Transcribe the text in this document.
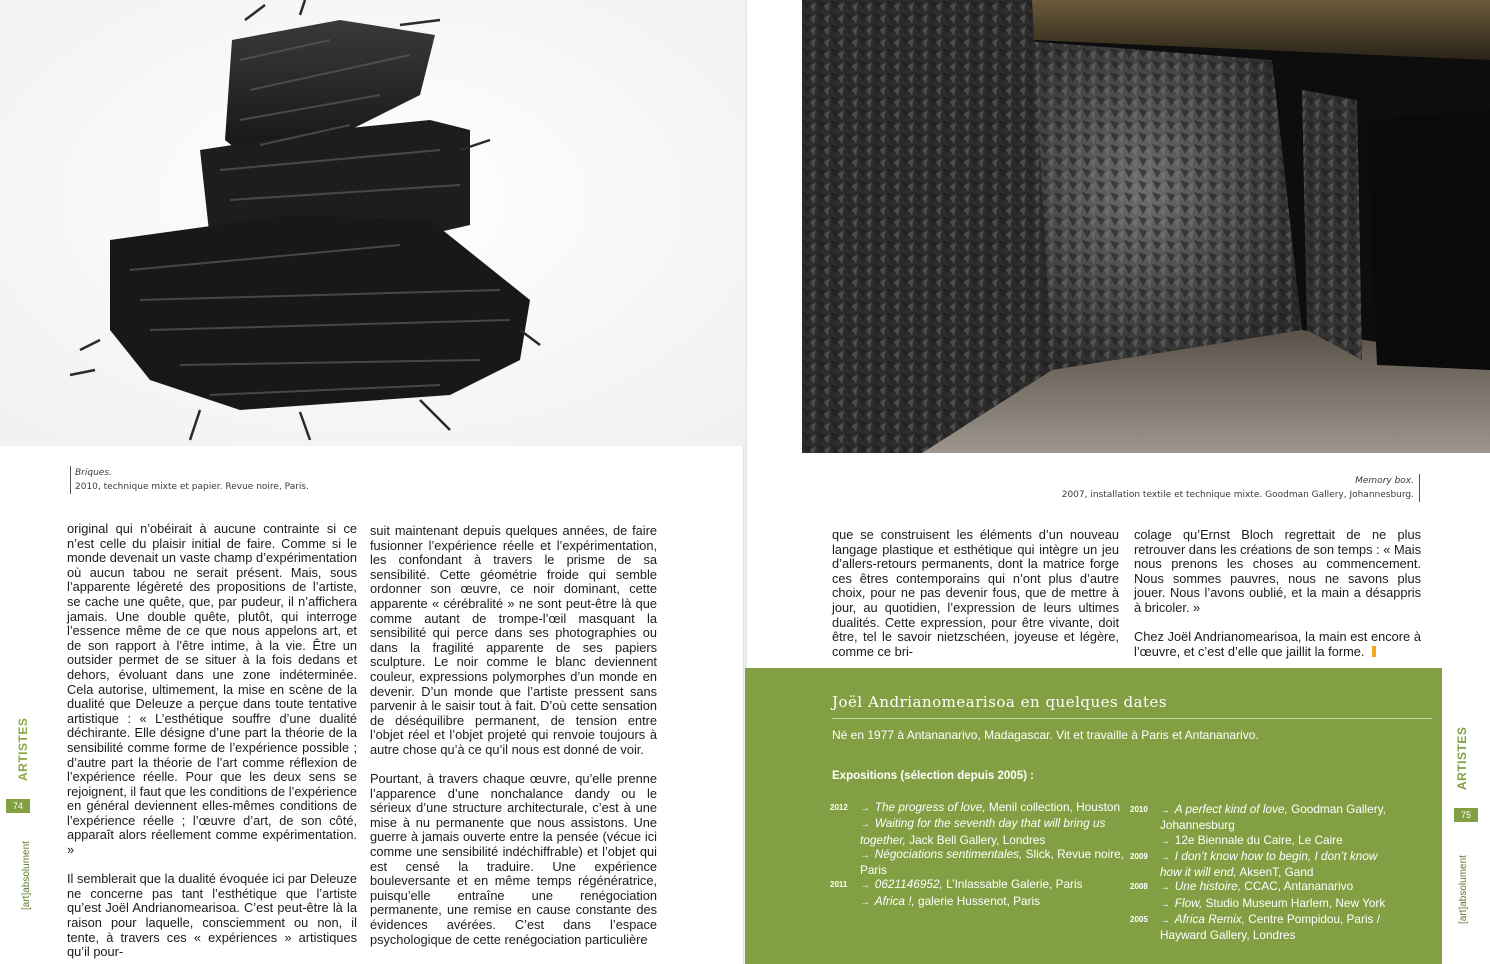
Briques.
2010, technique mixte et papier. Revue noire, Paris.
Memory box.
2007, installation textile et technique mixte. Goodman Gallery, Johannesburg.
ARTISTES
74
[art]absolument

original qui n’obéirait à aucune contrainte si ce n’est celle du plaisir initial de faire. Comme si le monde devenait un vaste champ d’expérimentation où aucun tabou ne serait présent. Mais, sous l’apparente légèreté des propositions de l’artiste, se cache une quête, que, par pudeur, il n’affichera jamais. Une double quête, plutôt, qui interroge l’essence même de ce que nous appelons art, et de son rapport à l’être intime, à la vie. Être un outsider permet de se situer à la fois dedans et dehors, évoluant dans une zone indéterminée. Cela autorise, ultimement, la mise en scène de la dualité que Deleuze a perçue dans toute tentative artistique : « L’esthétique souffre d’une dualité déchirante. Elle désigne d’une part la théorie de la sensibilité comme forme de l’expérience possible ; d’autre part la théorie de l’art comme réflexion de l’expérience réelle. Pour que les deux sens se rejoignent, il faut que les conditions de l’expérience en général deviennent elles-mêmes conditions de l’expérience réelle ; l’œuvre d’art, de son côté, apparaît alors réellement comme expérimentation. »

Il semblerait que la dualité évoquée ici par Deleuze ne concerne pas tant l’esthétique que l’artiste qu’est Joël Andrianomearisoa. C’est peut-être là la raison pour laquelle, consciemment ou non, il tente, à travers ces « expériences » artistiques qu’il pour-

suit maintenant depuis quelques années, de faire fusionner l’expérience réelle et l’expérimentation, les confondant à travers le prisme de sa sensibilité. Cette géométrie froide qui semble ordonner son œuvre, ce noir dominant, cette apparente « cérébralité » ne sont peut-être là que comme autant de trompe-l’œil masquant la sensibilité qui perce dans ses photographies ou dans la fragilité apparente de ses papiers sculpture. Le noir comme le blanc deviennent couleur, expressions polymorphes d’un monde en devenir. D’un monde que l’artiste pressent sans parvenir à le saisir tout à fait. D’où cette sensation de déséquilibre permanent, de tension entre l’objet réel et l’objet projeté qui renvoie toujours à autre chose qu’à ce qu’il nous est donné de voir.

Pourtant, à travers chaque œuvre, qu’elle prenne l’apparence d’une nonchalance dandy ou le sérieux d’une structure architecturale, c’est à une mise à nu permanente que nous assistons. Une guerre à jamais ouverte entre la pensée (vécue ici comme une sensibilité indéchiffrable) et l’objet qui est censé la traduire. Une expérience bouleversante et en même temps régénératrice, puisqu’elle entraîne une renégociation permanente, une remise en cause constante des évidences avérées. C’est dans l’espace psychologique de cette renégociation particulière

que se construisent les éléments d’un nouveau langage plastique et esthétique qui intègre un jeu d’allers-retours permanents, dont la matrice forge ces êtres contemporains qui n’ont plus d’autre choix, pour ne pas devenir fous, que de mettre à jour, au quotidien, l’expression de leurs ultimes dualités. Cette expression, pour être vivante, doit être, tel le savoir nietzschéen, joyeuse et légère, comme ce bri-

colage qu’Ernst Bloch regrettait de ne plus retrouver dans les créations de son temps : « Mais nous prenons les choses au commencement. Nous sommes pauvres, nous ne savons plus jouer. Nous l’avons oublié, et la main a désappris à bricoler. »

Chez Joël Andrianomearisoa, la main est encore à l’œuvre, et c’est d’elle que jaillit la forme.

Joël Andrianomearisoa en quelques dates
Né en 1977 à Antananarivo, Madagascar. Vit et travaille à Paris et Antananarivo.
Expositions (sélection depuis 2005) :
2012 → The progress of love, Menil collection, Houston
→ Waiting for the seventh day that will bring us together, Jack Bell Gallery, Londres
→ Négociations sentimentales, Slick, Revue noire, Paris
2011 → 0621146952, L’Inlassable Galerie, Paris
→ Africa !, galerie Hussenot, Paris
2010 → A perfect kind of love, Goodman Gallery, Johannesburg
→ 12e Biennale du Caire, Le Caire
2009 → I don’t know how to begin, I don’t know how it will end, AksenT, Gand
2008 → Une histoire, CCAC, Antananarivo
→ Flow, Studio Museum Harlem, New York
2005 → Africa Remix, Centre Pompidou, Paris / Hayward Gallery, Londres
ARTISTES
75
[art]absolument
